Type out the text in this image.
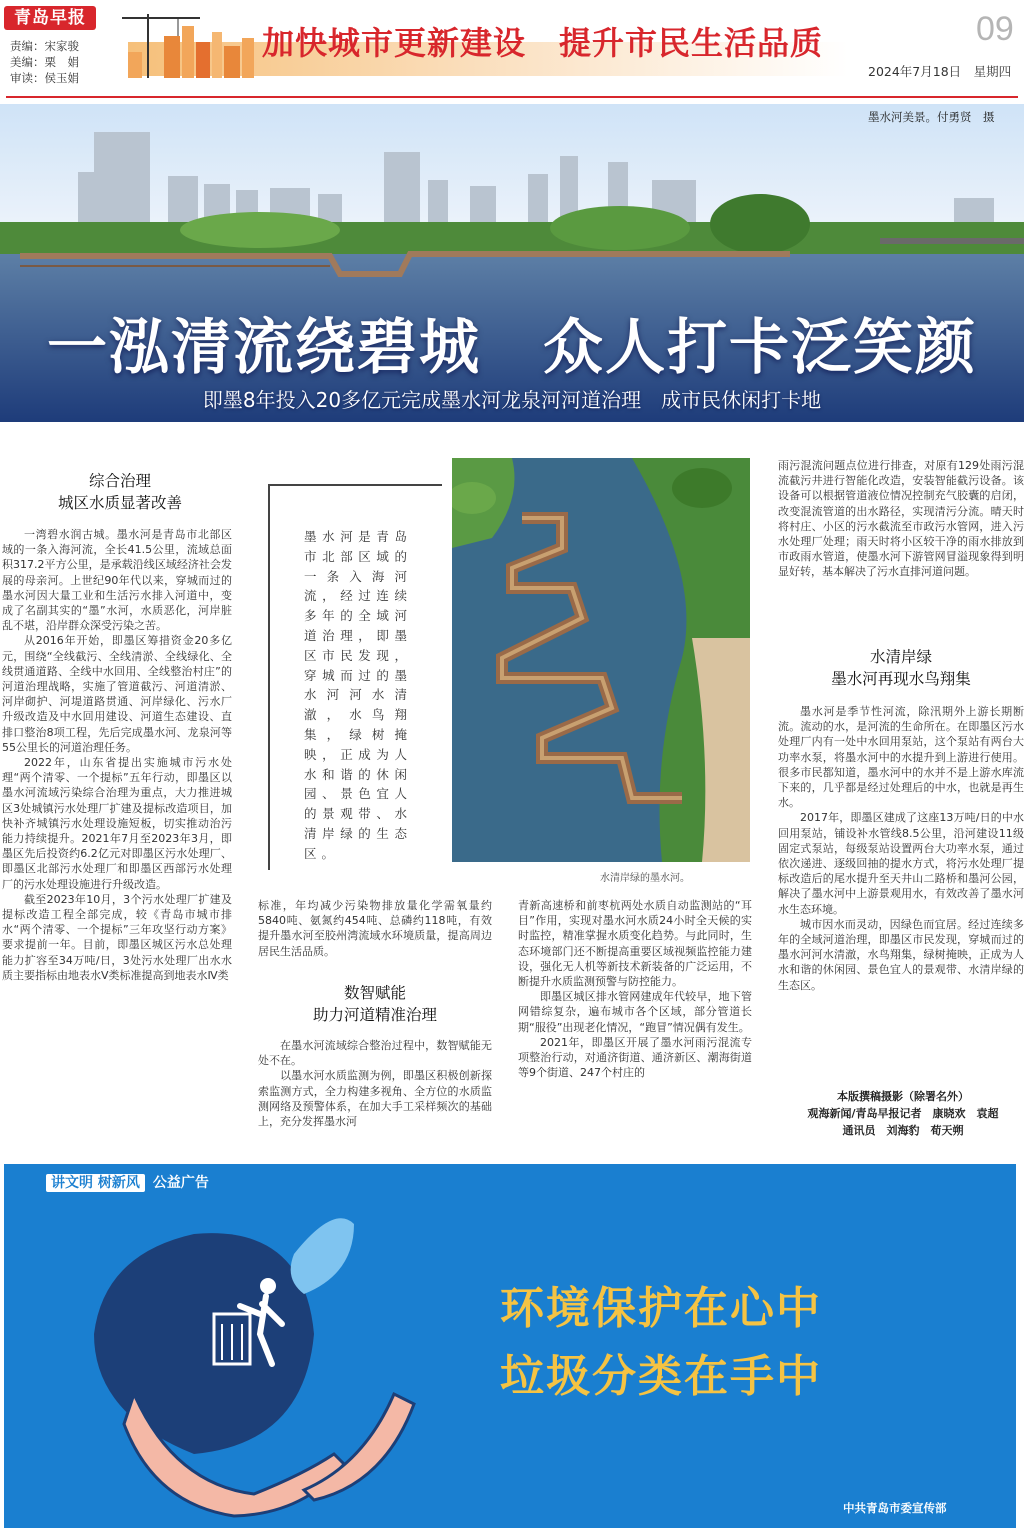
青岛早报
责编：宋家骏
美编：栗　娟
审读：侯玉娟
加快城市更新建设　提升市民生活品质	09
2024年7月18日　星期四
墨水河美景。付勇贤　摄
一泓清流绕碧城　众人打卡泛笑颜
即墨8年投入20多亿元完成墨水河龙泉河河道治理　成市民休闲打卡地
综合治理
城区水质显著改善

一湾碧水润古城。墨水河是青岛市北部区域的一条入海河流，全长41.5公里，流域总面积317.2平方公里，是承载沿线区域经济社会发展的母亲河。上世纪90年代以来，穿城而过的墨水河因大量工业和生活污水排入河道中，变成了名副其实的“墨”水河，水质恶化，河岸脏乱不堪，沿岸群众深受污染之苦。

从2016年开始，即墨区筹措资金20多亿元，围绕“全线截污、全线清淤、全线绿化、全线贯通道路、全线中水回用、全线整治村庄”的河道治理战略，实施了管道截污、河道清淤、河岸砌护、河堤道路贯通、河岸绿化、污水厂升级改造及中水回用建设、河道生态建设、直排口整治8项工程，先后完成墨水河、龙泉河等55公里长的河道治理任务。

2022年，山东省提出实施城市污水处理“两个清零、一个提标”五年行动，即墨区以墨水河流域污染综合治理为重点，大力推进城区3处城镇污水处理厂扩建及提标改造项目，加快补齐城镇污水处理设施短板，切实推动治污能力持续提升。2021年7月至2023年3月，即墨区先后投资约6.2亿元对即墨区污水处理厂、即墨区北部污水处理厂和即墨区西部污水处理厂的污水处理设施进行升级改造。

截至2023年10月，3个污水处理厂扩建及提标改造工程全部完成，较《青岛市城市排水“两个清零、一个提标”三年攻坚行动方案》要求提前一年。目前，即墨区城区污水总处理能力扩容至34万吨/日，3处污水处理厂出水水质主要指标由地表水Ⅴ类标准提高到地表水Ⅳ类

墨水河是青岛市北部区域的一条入海河流，经过连续多年的全域河道治理，即墨区市民发现，穿城而过的墨水河河水清澈，水鸟翔集，绿树掩映，正成为人水和谐的休闲园、景色宜人的景观带、水清岸绿的生态区。
水清岸绿的墨水河。

标准，年均减少污染物排放量化学需氧量约5840吨、氨氮约454吨、总磷约118吨，有效提升墨水河至胶州湾流域水环境质量，提高周边居民生活品质。

数智赋能
助力河道精准治理

在墨水河流域综合整治过程中，数智赋能无处不在。

以墨水河水质监测为例，即墨区积极创新探索监测方式，全力构建多视角、全方位的水质监测网络及预警体系，在加大手工采样频次的基础上，充分发挥墨水河

青新高速桥和前枣杭两处水质自动监测站的“耳目”作用，实现对墨水河水质24小时全天候的实时监控，精准掌握水质变化趋势。与此同时，生态环境部门还不断提高重要区域视频监控能力建设，强化无人机等新技术新装备的广泛运用，不断提升水质监测预警与防控能力。

即墨区城区排水管网建成年代较早，地下管网错综复杂，遍布城市各个区域，部分管道长期“服役”出现老化情况，“跑冒”情况偶有发生。

2021年，即墨区开展了墨水河雨污混流专项整治行动，对通济街道、通济新区、潮海街道等9个街道、247个村庄的

雨污混流问题点位进行排查，对原有129处雨污混流截污井进行智能化改造，安装智能截污设备。该设备可以根据管道液位情况控制充气胶囊的启闭，改变混流管道的出水路径，实现清污分流。晴天时将村庄、小区的污水截流至市政污水管网，进入污水处理厂处理；雨天时将小区较干净的雨水排放到市政雨水管道，使墨水河下游管网冒溢现象得到明显好转，基本解决了污水直排河道问题。

水清岸绿
墨水河再现水鸟翔集

墨水河是季节性河流，除汛期外上游长期断流。流动的水，是河流的生命所在。在即墨区污水处理厂内有一处中水回用泵站，这个泵站有两台大功率水泵，将墨水河中的水提升到上游进行使用。很多市民都知道，墨水河中的水并不是上游水库流下来的，几乎都是经过处理后的中水，也就是再生水。

2017年，即墨区建成了这座13万吨/日的中水回用泵站，铺设补水管线8.5公里，沿河建设11级固定式泵站，每级泵站设置两台大功率水泵，通过依次递进、逐级回抽的提水方式，将污水处理厂提标改造后的尾水提升至天井山二路桥和墨河公园，解决了墨水河中上游景观用水，有效改善了墨水河水生态环境。

城市因水而灵动，因绿色而宜居。经过连续多年的全域河道治理，即墨区市民发现，穿城而过的墨水河河水清澈，水鸟翔集，绿树掩映，正成为人水和谐的休闲园、景色宜人的景观带、水清岸绿的生态区。

本版撰稿摄影（除署名外）
观海新闻/青岛早报记者　康晓欢　袁超
通讯员　刘海豹　荀天朔
讲文明 树新风 公益广告
环境保护在心中
垃圾分类在手中
中共青岛市委宣传部
